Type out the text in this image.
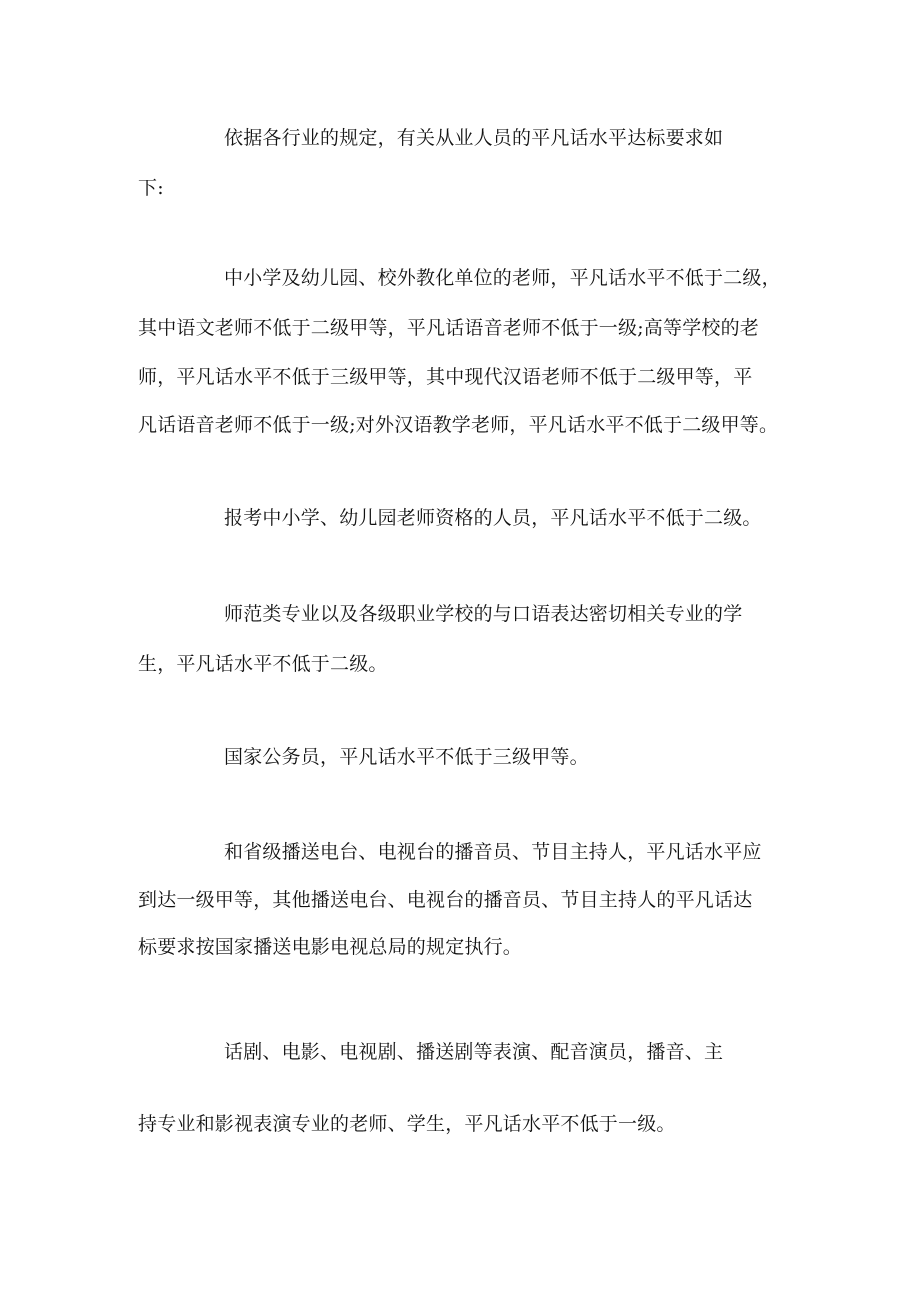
依据各行业的规定，有关从业人员的平凡话水平达标要求如
下:
中小学及幼儿园、校外教化单位的老师，平凡话水平不低于二级，
其中语文老师不低于二级甲等，平凡话语音老师不低于一级;高等学校的老
师，平凡话水平不低于三级甲等，其中现代汉语老师不低于二级甲等，平
凡话语音老师不低于一级;对外汉语教学老师，平凡话水平不低于二级甲等。
报考中小学、幼儿园老师资格的人员，平凡话水平不低于二级。
师范类专业以及各级职业学校的与口语表达密切相关专业的学
生，平凡话水平不低于二级。
国家公务员，平凡话水平不低于三级甲等。
和省级播送电台、电视台的播音员、节目主持人，平凡话水平应
到达一级甲等，其他播送电台、电视台的播音员、节目主持人的平凡话达
标要求按国家播送电影电视总局的规定执行。
话剧、电影、电视剧、播送剧等表演、配音演员，播音、主
持专业和影视表演专业的老师、学生，平凡话水平不低于一级。
